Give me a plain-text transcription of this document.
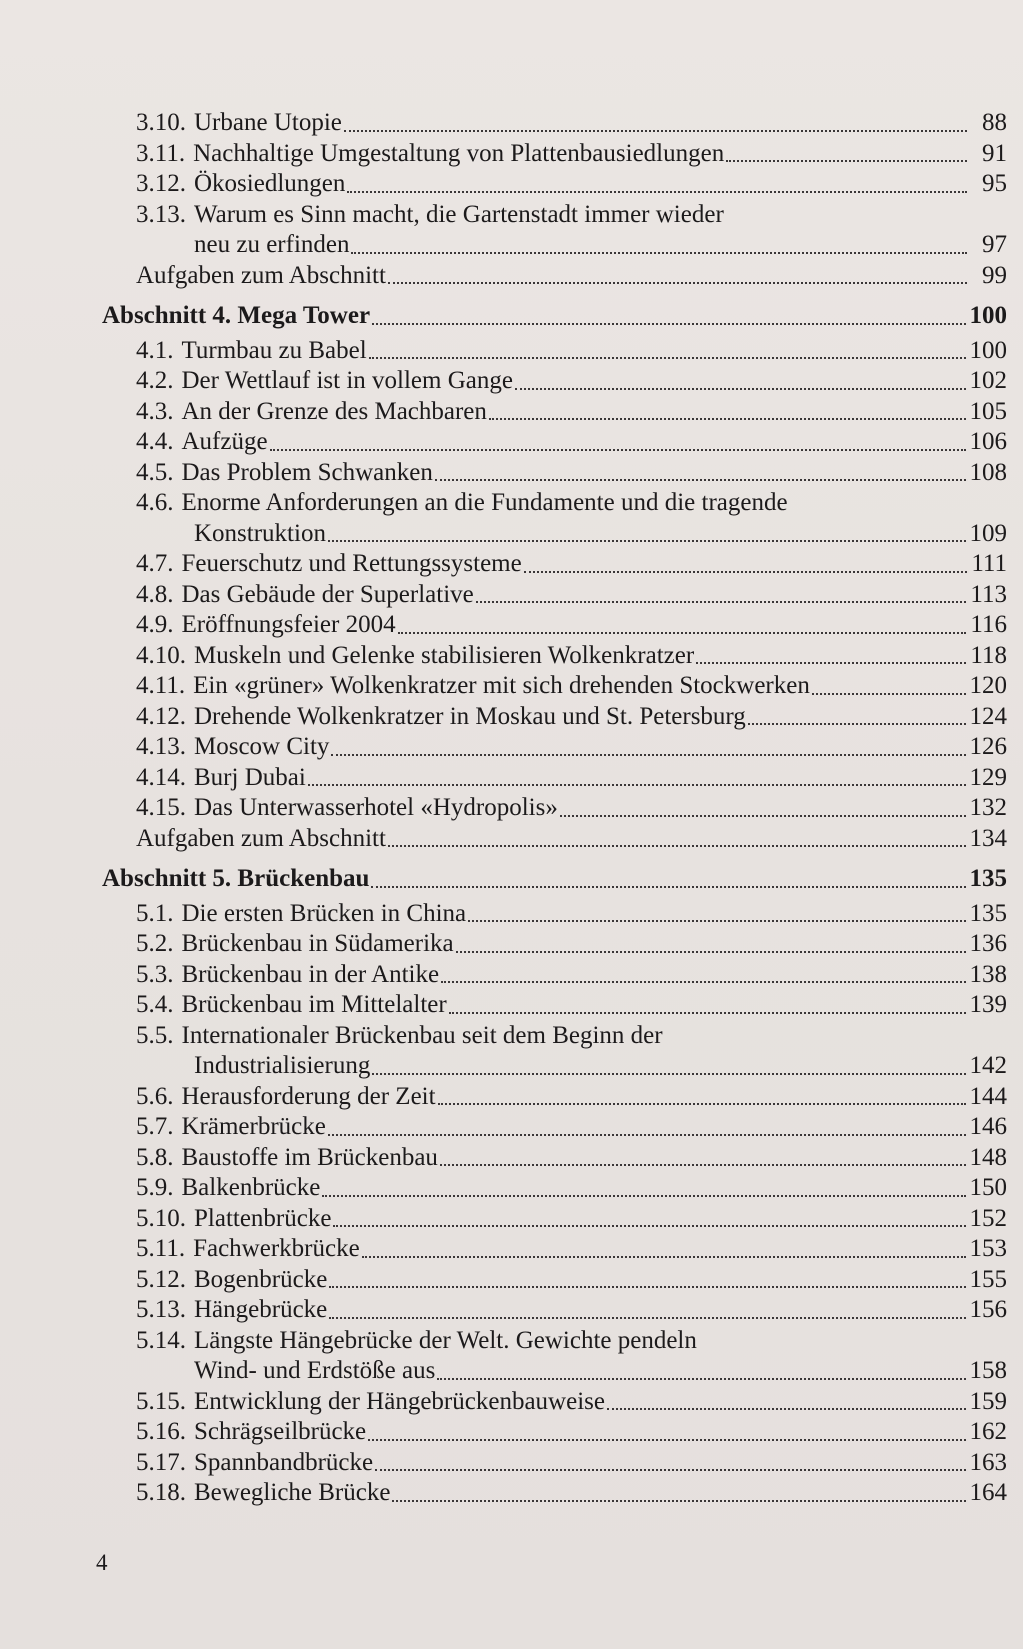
3.10. Urbane Utopie	88
3.11. Nachhaltige Umgestaltung von Plattenbausiedlungen	91
3.12. Ökosiedlungen	95
3.13. Warum es Sinn macht, die Gartenstadt immer wieder
neu zu erfinden	97
Aufgaben zum Abschnitt	99
Abschnitt 4. Mega Tower	100
4.1. Turmbau zu Babel	100
4.2. Der Wettlauf ist in vollem Gange	102
4.3. An der Grenze des Machbaren	105
4.4. Aufzüge	106
4.5. Das Problem Schwanken	108
4.6. Enorme Anforderungen an die Fundamente und die tragende
Konstruktion	109
4.7. Feuerschutz und Rettungssysteme	111
4.8. Das Gebäude der Superlative	113
4.9. Eröffnungsfeier 2004	116
4.10. Muskeln und Gelenke stabilisieren Wolkenkratzer	118
4.11. Ein «grüner» Wolkenkratzer mit sich drehenden Stockwerken	120
4.12. Drehende Wolkenkratzer in Moskau und St. Petersburg	124
4.13. Moscow City	126
4.14. Burj Dubai	129
4.15. Das Unterwasserhotel «Hydropolis»	132
Aufgaben zum Abschnitt	134
Abschnitt 5. Brückenbau	135
5.1. Die ersten Brücken in China	135
5.2. Brückenbau in Südamerika	136
5.3. Brückenbau in der Antike	138
5.4. Brückenbau im Mittelalter	139
5.5. Internationaler Brückenbau seit dem Beginn der
Industrialisierung	142
5.6. Herausforderung der Zeit	144
5.7. Krämerbrücke	146
5.8. Baustoffe im Brückenbau	148
5.9. Balkenbrücke	150
5.10. Plattenbrücke	152
5.11. Fachwerkbrücke	153
5.12. Bogenbrücke	155
5.13. Hängebrücke	156
5.14. Längste Hängebrücke der Welt. Gewichte pendeln
Wind- und Erdstöße aus	158
5.15. Entwicklung der Hängebrückenbauweise	159
5.16. Schrägseilbrücke	162
5.17. Spannbandbrücke	163
5.18. Bewegliche Brücke	164
4
